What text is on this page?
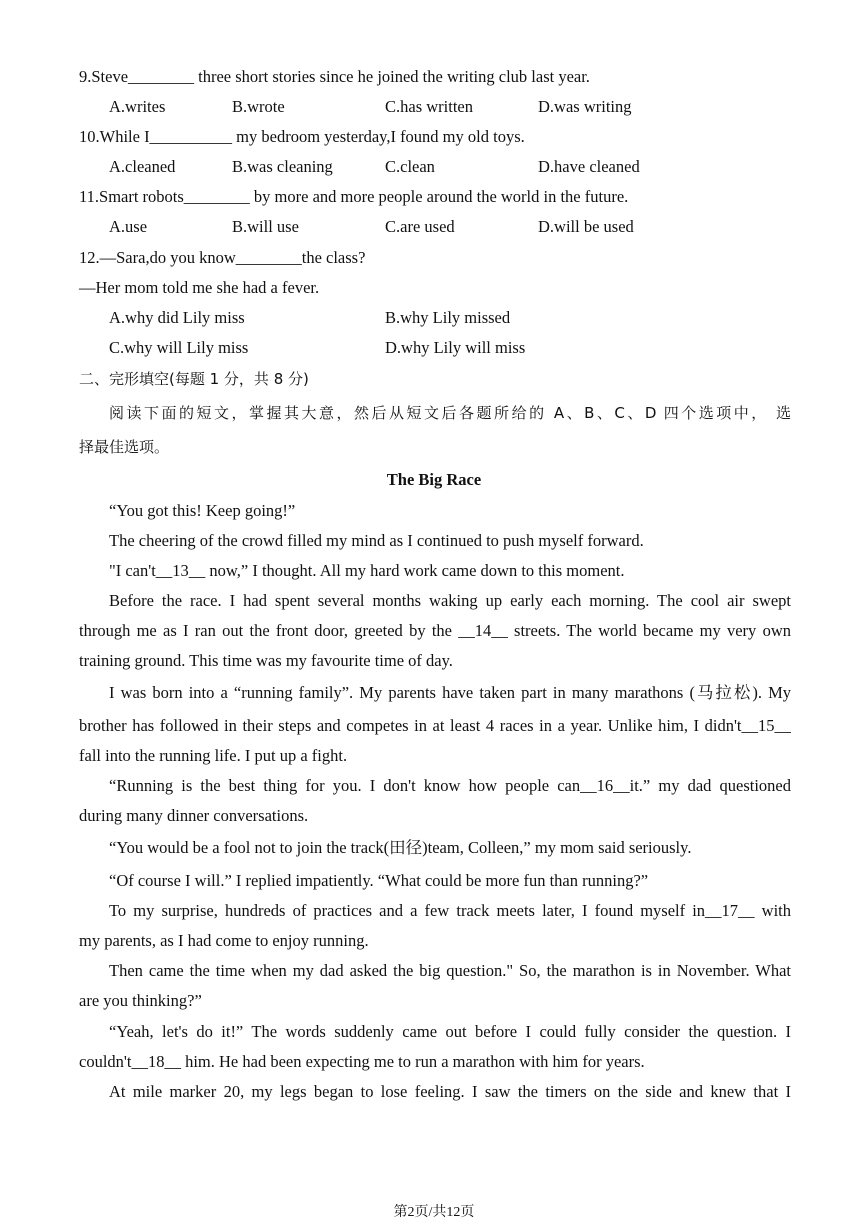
9.Steve________ three short stories since he joined the writing club last year.
A.writes	B.wrote	C.has written	D.was writing
10.While I__________ my bedroom yesterday,I found my old toys.
A.cleaned	B.was cleaning	C.clean	D.have cleaned
11.Smart robots________ by more and more people around the world in the future.
A.use	B.will use	C.are used	D.will be used
12.—Sara,do you know________the class?
—Her mom told me she had a fever.
A.why did Lily miss	B.why Lily missed
C.why will Lily miss	D.why Lily will miss
二、完形填空(每题 1 分，共 8 分)
阅读下面的短文，掌握其大意，然后从短文后各题所给的 A、B、C、D 四个选项中， 选
择最佳选项。
The Big Race
“You got this! Keep going!”
The cheering of the crowd filled my mind as I continued to push myself forward.
"I can't__13__ now,” I thought. All my hard work came down to this moment.
Before the race. I had spent several months waking up early each morning. The cool air swept
through me as I ran out the front door, greeted by the __14__ streets. The world became my very own
training ground. This time was my favourite time of day.
I was born into a “running family”. My parents have taken part in many marathons (马拉松). My
brother has followed in their steps and competes in at least 4 races in a year. Unlike him, I didn't__15__
fall into the running life. I put up a fight.
“Running is the best thing for you. I don't know how people can__16__it.” my dad questioned
during many dinner conversations.
“You would be a fool not to join the track(田径)team, Colleen,” my mom said seriously.
“Of course I will.” I replied impatiently. “What could be more fun than running?”
To my surprise, hundreds of practices and a few track meets later, I found myself in__17__ with
my parents, as I had come to enjoy running.
Then came the time when my dad asked the big question." So, the marathon is in November. What
are you thinking?”
“Yeah, let's do it!” The words suddenly came out before I could fully consider the question. I
couldn't__18__ him. He had been expecting me to run a marathon with him for years.
At mile marker 20, my legs began to lose feeling. I saw the timers on the side and knew that I
第2页/共12页
